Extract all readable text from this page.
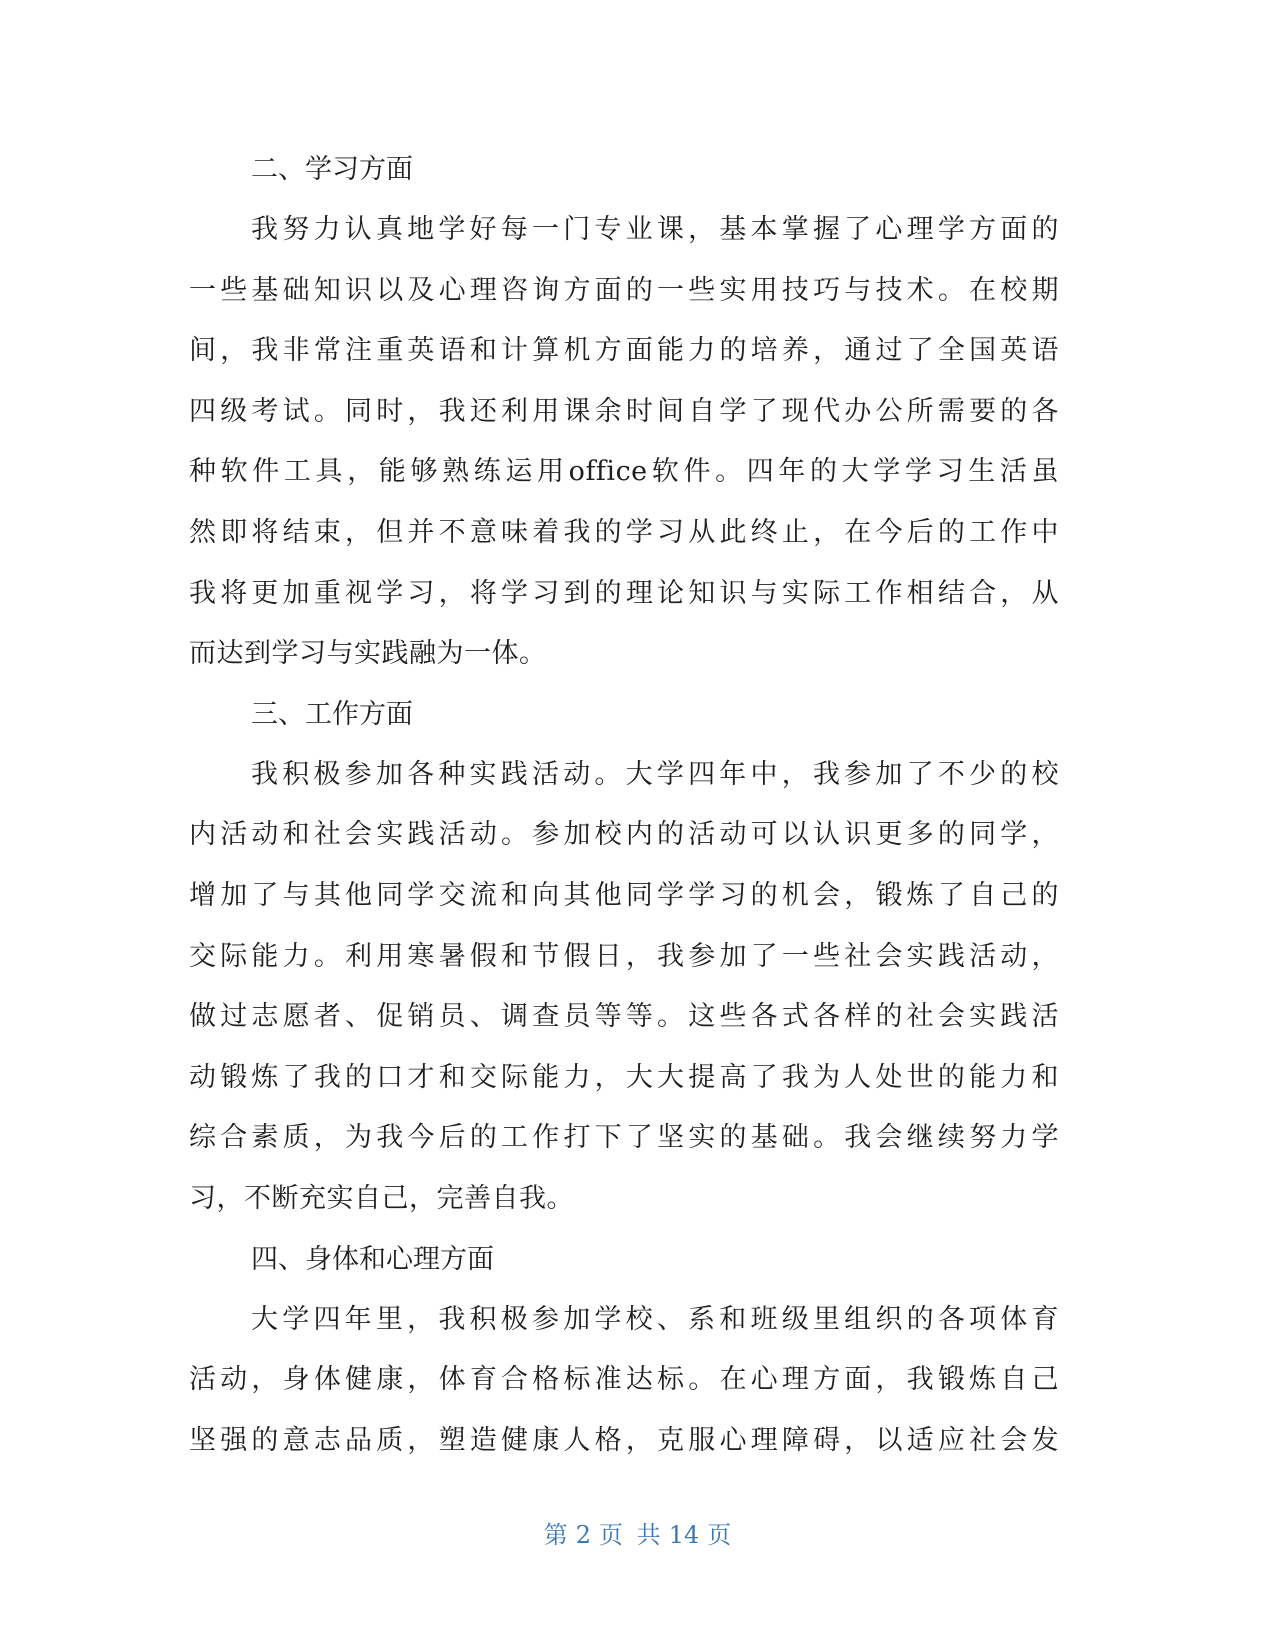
二、学习方面

我努力认真地学好每一门专业课，基本掌握了心理学方面的

一些基础知识以及心理咨询方面的一些实用技巧与技术。在校期

间，我非常注重英语和计算机方面能力的培养，通过了全国英语

四级考试。同时，我还利用课余时间自学了现代办公所需要的各

种软件工具，能够熟练运用office软件。四年的大学学习生活虽

然即将结束，但并不意味着我的学习从此终止，在今后的工作中

我将更加重视学习，将学习到的理论知识与实际工作相结合，从

而达到学习与实践融为一体。

三、工作方面

我积极参加各种实践活动。大学四年中，我参加了不少的校

内活动和社会实践活动。参加校内的活动可以认识更多的同学，

增加了与其他同学交流和向其他同学学习的机会，锻炼了自己的

交际能力。利用寒暑假和节假日，我参加了一些社会实践活动，

做过志愿者、促销员、调查员等等。这些各式各样的社会实践活

动锻炼了我的口才和交际能力，大大提高了我为人处世的能力和

综合素质，为我今后的工作打下了坚实的基础。我会继续努力学

习，不断充实自己，完善自我。

四、身体和心理方面

大学四年里，我积极参加学校、系和班级里组织的各项体育

活动，身体健康，体育合格标准达标。在心理方面，我锻炼自己

坚强的意志品质，塑造健康人格，克服心理障碍，以适应社会发

第 2 页 共 14 页
